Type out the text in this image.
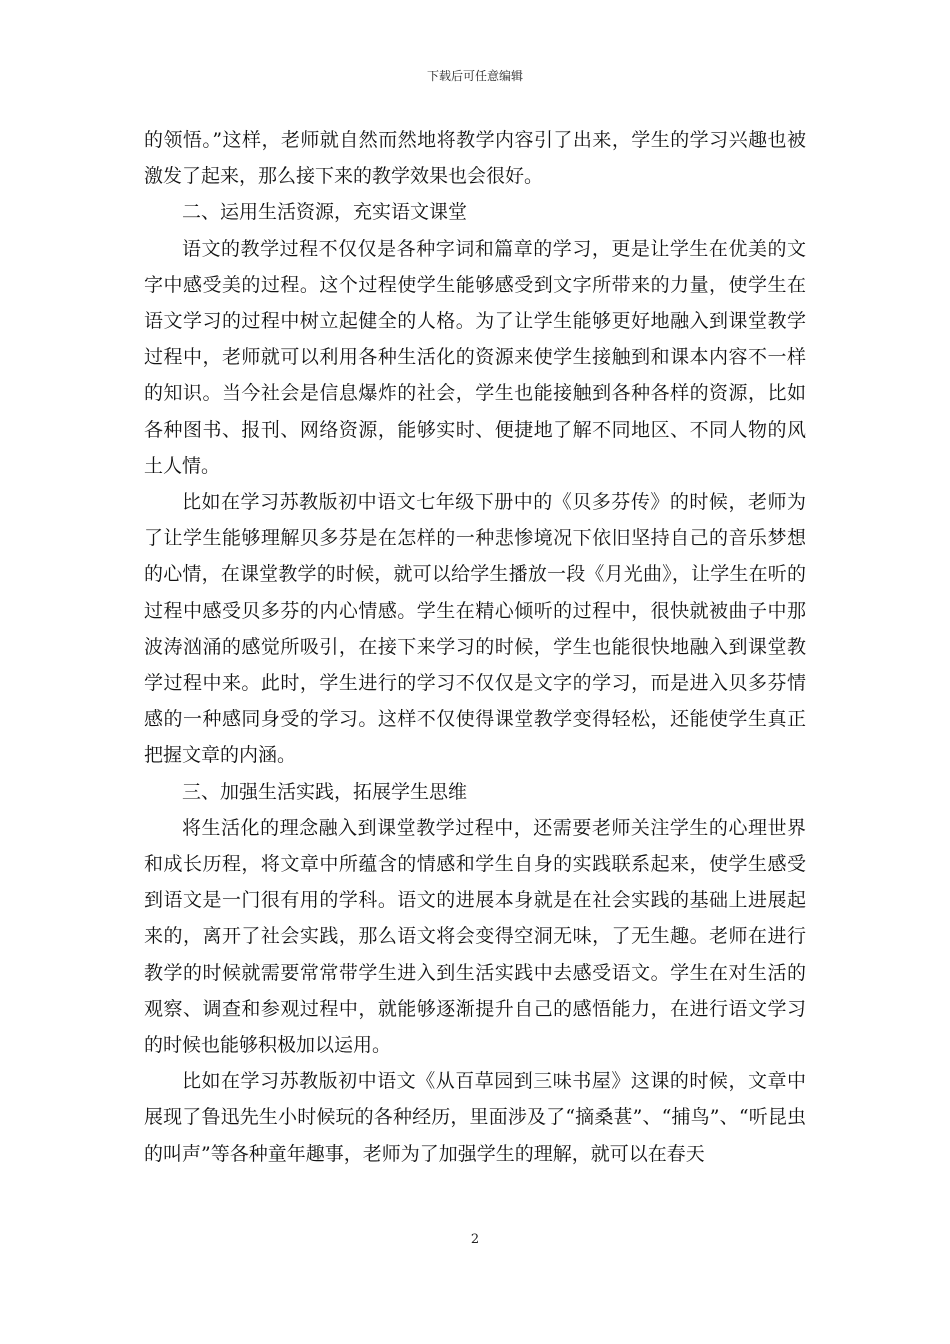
下载后可任意编辑

的领悟。”这样，老师就自然而然地将教学内容引了出来，学生的学习兴趣也被激发了起来，那么接下来的教学效果也会很好。

二、运用生活资源，充实语文课堂

语文的教学过程不仅仅是各种字词和篇章的学习，更是让学生在优美的文字中感受美的过程。这个过程使学生能够感受到文字所带来的力量，使学生在语文学习的过程中树立起健全的人格。为了让学生能够更好地融入到课堂教学过程中，老师就可以利用各种生活化的资源来使学生接触到和课本内容不一样的知识。当今社会是信息爆炸的社会，学生也能接触到各种各样的资源，比如各种图书、报刊、网络资源，能够实时、便捷地了解不同地区、不同人物的风土人情。

比如在学习苏教版初中语文七年级下册中的《贝多芬传》的时候，老师为了让学生能够理解贝多芬是在怎样的一种悲惨境况下依旧坚持自己的音乐梦想的心情，在课堂教学的时候，就可以给学生播放一段《月光曲》，让学生在听的过程中感受贝多芬的内心情感。学生在精心倾听的过程中，很快就被曲子中那波涛汹涌的感觉所吸引，在接下来学习的时候，学生也能很快地融入到课堂教学过程中来。此时，学生进行的学习不仅仅是文字的学习，而是进入贝多芬情感的一种感同身受的学习。这样不仅使得课堂教学变得轻松，还能使学生真正把握文章的内涵。

三、加强生活实践，拓展学生思维

将生活化的理念融入到课堂教学过程中，还需要老师关注学生的心理世界和成长历程，将文章中所蕴含的情感和学生自身的实践联系起来，使学生感受到语文是一门很有用的学科。语文的进展本身就是在社会实践的基础上进展起来的，离开了社会实践，那么语文将会变得空洞无味，了无生趣。老师在进行教学的时候就需要常常带学生进入到生活实践中去感受语文。学生在对生活的观察、调查和参观过程中，就能够逐渐提升自己的感悟能力，在进行语文学习的时候也能够积极加以运用。

比如在学习苏教版初中语文《从百草园到三味书屋》这课的时候，文章中展现了鲁迅先生小时候玩的各种经历，里面涉及了“摘桑葚”、“捕鸟”、“听昆虫的叫声”等各种童年趣事，老师为了加强学生的理解，就可以在春天

2
